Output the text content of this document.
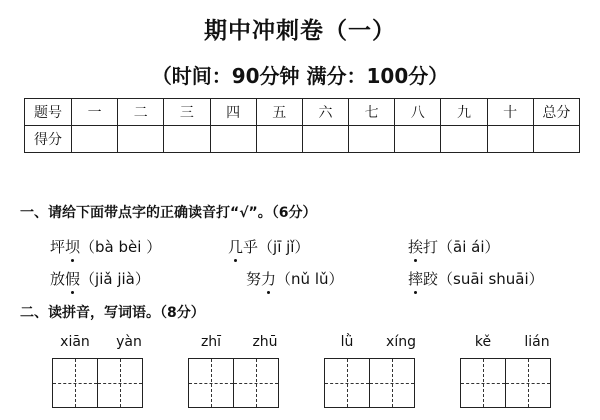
期中冲刺卷（一）
（时间：90分钟 满分：100分）
题号	一	二	三	四	五	六	七	八	九	十	总分
得分											
一、请给下面带点字的正确读音打“√”。（6分）
坪坝（bà bèi ）	几乎（jī jǐ）	挨打（āi ái）
放假（jiǎ jià）	努力（nǔ lǔ）	摔跤（suāi shuāi）
二、读拼音，写词语。（8分）
xiān	yàn	zhī	zhū	lǜ	xíng	kě	lián
